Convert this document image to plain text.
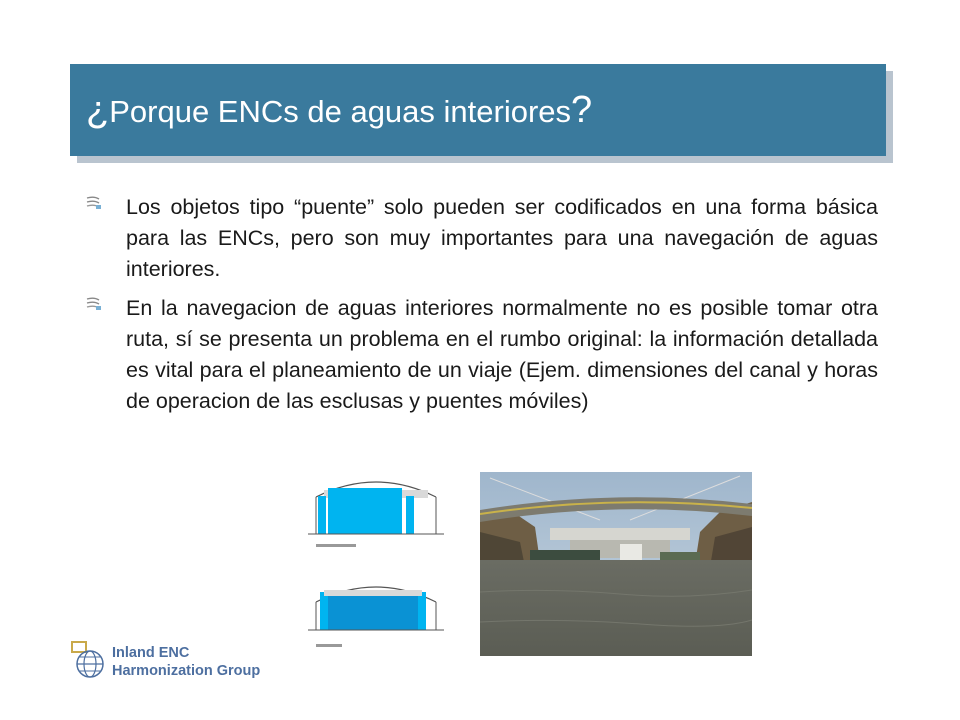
¿Porque ENCs de aguas interiores?
Los objetos tipo “puente” solo pueden ser codificados en una forma básica para las ENCs, pero son muy importantes para una navegación de aguas interiores.
En la navegacion de aguas interiores normalmente no es posible tomar otra ruta, sí se presenta un problema en el rumbo original: la información detallada es vital para el planeamiento de un viaje (Ejem. dimensiones del canal y horas de operacion de las esclusas y puentes móviles)
Inland ENC
Harmonization Group
